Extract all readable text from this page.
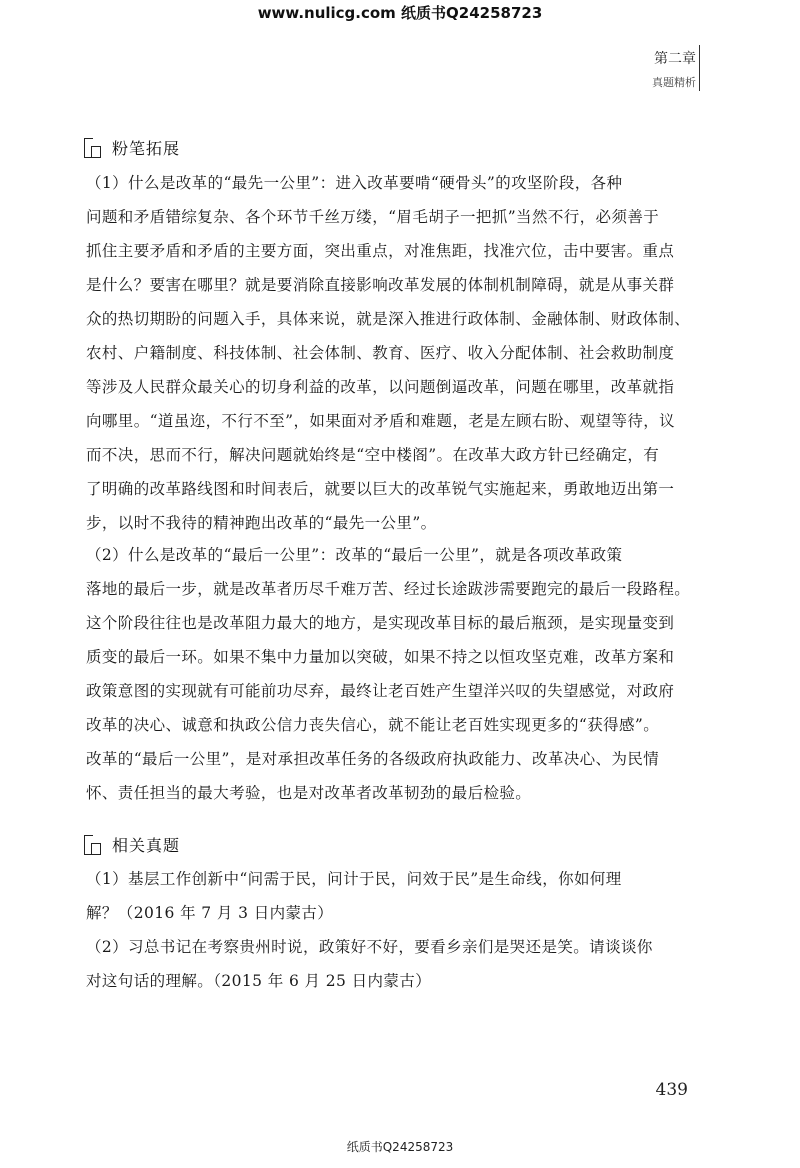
www.nulicg.com 纸质书Q24258723
第二章
真题精析
粉笔拓展
（1）什么是改革的“最先一公里”：进入改革要啃“硬骨头”的攻坚阶段，各种
问题和矛盾错综复杂、各个环节千丝万缕，“眉毛胡子一把抓”当然不行，必须善于
抓住主要矛盾和矛盾的主要方面，突出重点，对准焦距，找准穴位，击中要害。重点
是什么？要害在哪里？就是要消除直接影响改革发展的体制机制障碍，就是从事关群
众的热切期盼的问题入手，具体来说，就是深入推进行政体制、金融体制、财政体制、
农村、户籍制度、科技体制、社会体制、教育、医疗、收入分配体制、社会救助制度
等涉及人民群众最关心的切身利益的改革，以问题倒逼改革，问题在哪里，改革就指
向哪里。“道虽迩，不行不至”，如果面对矛盾和难题，老是左顾右盼、观望等待，议
而不决，思而不行，解决问题就始终是“空中楼阁”。在改革大政方针已经确定，有
了明确的改革路线图和时间表后，就要以巨大的改革锐气实施起来，勇敢地迈出第一
步，以时不我待的精神跑出改革的“最先一公里”。
（2）什么是改革的“最后一公里”：改革的“最后一公里”，就是各项改革政策
落地的最后一步，就是改革者历尽千难万苦、经过长途跋涉需要跑完的最后一段路程。
这个阶段往往也是改革阻力最大的地方，是实现改革目标的最后瓶颈，是实现量变到
质变的最后一环。如果不集中力量加以突破，如果不持之以恒攻坚克难，改革方案和
政策意图的实现就有可能前功尽弃，最终让老百姓产生望洋兴叹的失望感觉，对政府
改革的决心、诚意和执政公信力丧失信心，就不能让老百姓实现更多的“获得感”。
改革的“最后一公里”，是对承担改革任务的各级政府执政能力、改革决心、为民情
怀、责任担当的最大考验，也是对改革者改革韧劲的最后检验。
相关真题
（1）基层工作创新中“问需于民，问计于民，问效于民”是生命线，你如何理
解？（2016 年 7 月 3 日内蒙古）
（2）习总书记在考察贵州时说，政策好不好，要看乡亲们是哭还是笑。请谈谈你
对这句话的理解。（2015 年 6 月 25 日内蒙古）
439
纸质书Q24258723
